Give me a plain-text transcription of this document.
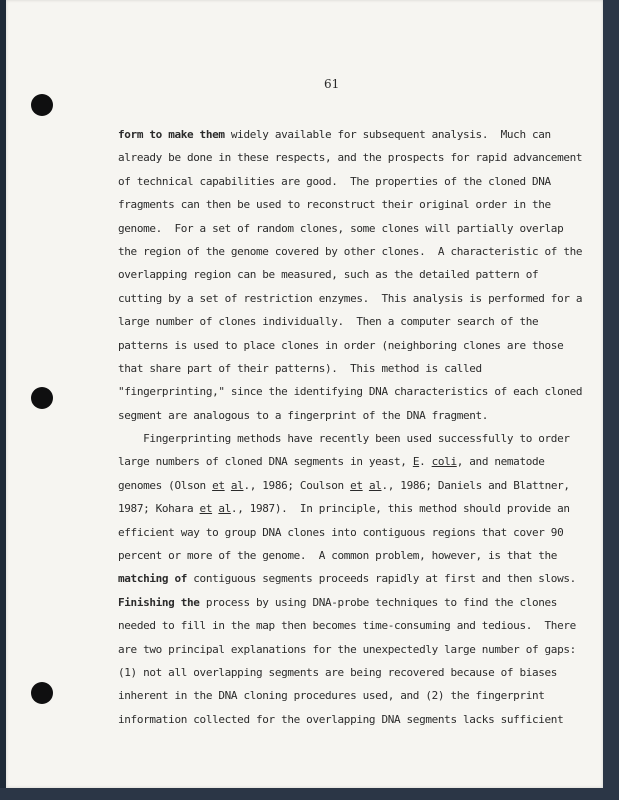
61
form to make them widely available for subsequent analysis.  Much can
already be done in these respects, and the prospects for rapid advancement
of technical capabilities are good.  The properties of the cloned DNA
fragments can then be used to reconstruct their original order in the
genome.  For a set of random clones, some clones will partially overlap
the region of the genome covered by other clones.  A characteristic of the
overlapping region can be measured, such as the detailed pattern of
cutting by a set of restriction enzymes.  This analysis is performed for a
large number of clones individually.  Then a computer search of the
patterns is used to place clones in order (neighboring clones are those
that share part of their patterns).  This method is called
"fingerprinting," since the identifying DNA characteristics of each cloned
segment are analogous to a fingerprint of the DNA fragment.
Fingerprinting methods have recently been used successfully to order
large numbers of cloned DNA segments in yeast, E. coli, and nematode
genomes (Olson et al., 1986; Coulson et al., 1986; Daniels and Blattner,
1987; Kohara et al., 1987).  In principle, this method should provide an
efficient way to group DNA clones into contiguous regions that cover 90
percent or more of the genome.  A common problem, however, is that the
matching of contiguous segments proceeds rapidly at first and then slows.
Finishing the process by using DNA-probe techniques to find the clones
needed to fill in the map then becomes time-consuming and tedious.  There
are two principal explanations for the unexpectedly large number of gaps:
(1) not all overlapping segments are being recovered because of biases
inherent in the DNA cloning procedures used, and (2) the fingerprint
information collected for the overlapping DNA segments lacks sufficient
